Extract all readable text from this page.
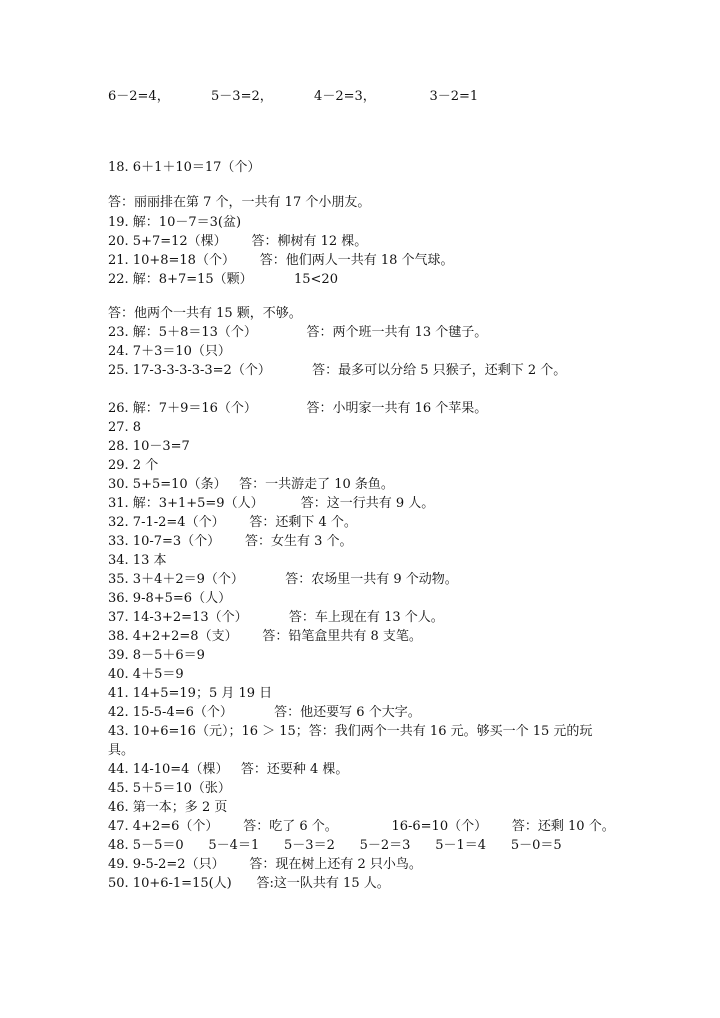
6－2=4，          5－3=2，          4－2=3，             3－2=1
18. 6＋1＋10＝17（个）
答：丽丽排在第 7 个，一共有 17 个小朋友。
19. 解：10－7＝3(盆)
20. 5+7=12（棵）      答：柳树有 12 棵。
21. 10+8=18（个）      答：他们两人一共有 18 个气球。
22. 解：8+7=15（颗）          15<20
答：他两个一共有 15 颗，不够。
23. 解：5＋8＝13（个）            答：两个班一共有 13 个毽子。
24. 7＋3＝10（只）
25. 17-3-3-3-3-3=2（个）          答：最多可以分给 5 只猴子，还剩下 2 个。
26. 解：7＋9＝16（个）            答：小明家一共有 16 个苹果。
27. 8
28. 10－3=7
29. 2 个
30. 5+5=10（条）   答：一共游走了 10 条鱼。
31. 解：3+1+5=9（人）         答：这一行共有 9 人。
32. 7-1-2=4（个）      答：还剩下 4 个。
33. 10-7=3（个）      答：女生有 3 个。
34. 13 本
35. 3＋4＋2＝9（个）          答：农场里一共有 9 个动物。
36. 9-8+5=6（人）
37. 14-3+2=13（个）          答：车上现在有 13 个人。
38. 4+2+2=8（支）      答：铅笔盒里共有 8 支笔。
39. 8－5＋6＝9
40. 4＋5＝9
41. 14+5=19；5 月 19 日
42. 15-5-4=6（个）          答：他还要写 6 个大字。
43. 10+6=16（元）；16 ＞ 15；答：我们两个一共有 16 元。够买一个 15 元的玩
具。
44. 14-10=4（棵）   答：还要种 4 棵。
45. 5＋5＝10（张）
46. 第一本；多 2 页
47. 4+2=6（个）      答：吃了 6 个。             16-6=10（个）      答：还剩 10 个。
48. 5－5＝0      5－4＝1      5－3＝2      5－2＝3      5－1＝4      5－0＝5
49. 9-5-2=2（只）      答：现在树上还有 2 只小鸟。
50. 10+6-1=15(人)      答:这一队共有 15 人。
